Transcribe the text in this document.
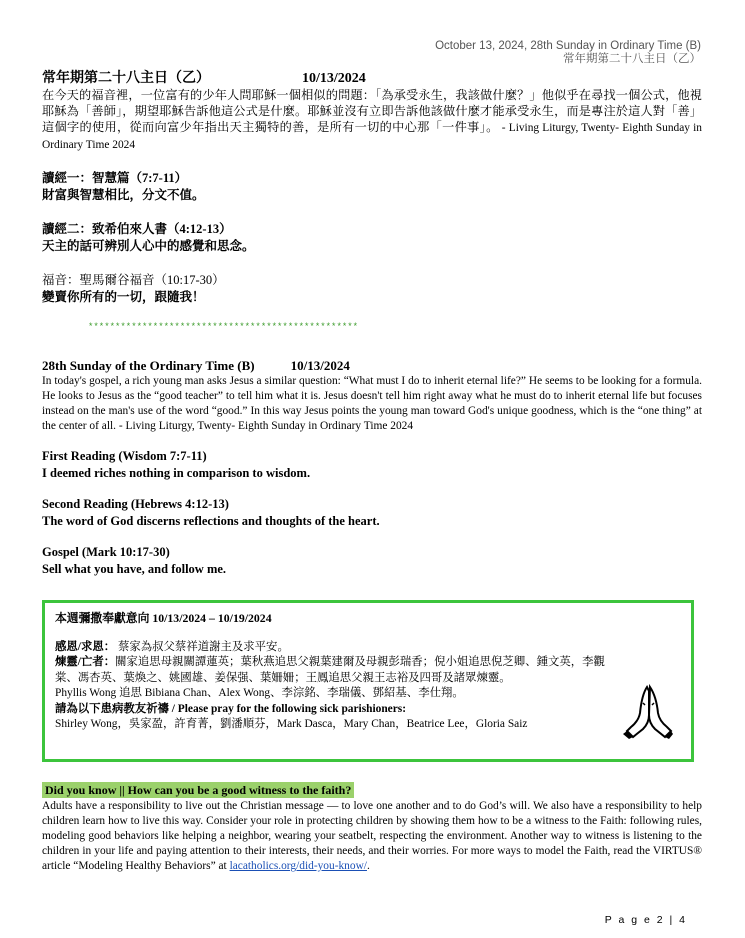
October 13, 2024, 28th Sunday in Ordinary Time (B)
常年期第二十八主日（乙）
常年期第二十八主日（乙）	10/13/2024
在今天的福音裡，一位富有的少年人問耶穌一個相似的問題：「為承受永生，我該做什麼？」他似乎在尋找一個公式，他視耶穌為「善師」，期望耶穌告訴他這公式是什麼。耶穌並沒有立即告訴他該做什麼才能承受永生，而是專注於這人對「善」這個字的使用，從而向富少年指出天主獨特的善，是所有一切的中心那「一件事」。 - Living Liturgy, Twenty- Eighth Sunday in Ordinary Time 2024
讀經一：智慧篇（7:7-11）
財富與智慧相比，分文不值。
讀經二：致希伯來人書（4:12-13）
天主的話可辨別人心中的感覺和思念。
福音：聖馬爾谷福音（10:17-30）
變賣你所有的一切，跟隨我！
**************************************************
28th Sunday of the Ordinary Time (B)	10/13/2024
In today's gospel, a rich young man asks Jesus a similar question: “What must I do to inherit eternal life?” He seems to be looking for a formula. He looks to Jesus as the “good teacher” to tell him what it is. Jesus doesn't tell him right away what he must do to inherit eternal life but focuses instead on the man's use of the word “good.” In this way Jesus points the young man toward God's unique goodness, which is the “one thing” at the center of all. - Living Liturgy, Twenty- Eighth Sunday in Ordinary Time 2024
First Reading (Wisdom 7:7-11)
I deemed riches nothing in comparison to wisdom.
Second Reading (Hebrews 4:12-13)
The word of God discerns reflections and thoughts of the heart.
Gospel (Mark 10:17-30)
Sell what you have, and follow me.
本週彌撒奉獻意向 10/13/2024 – 10/19/2024
感恩/求恩： 蔡家為叔父蔡祥道謝主及求平安。
煉靈/亡者：關家追思母親關譚蓮英；葉秋燕追思父親葉建爾及母親彭瑞香；倪小姐追思倪芝卿、鍾文英，李觀棠、馮杏英、葉煥之、姚國雄、姜保强、葉姍姍；王鳳追思父親王志裕及四哥及諸眾煉靈。
Phyllis Wong 追思 Bibiana Chan、Alex Wong、李淙銘、李瑞儀、鄧紹基、李仕翔。
請為以下患病教友祈禱 / Please pray for the following sick parishioners:
Shirley Wong，吳家盈，許育菁，劉潘順芬，Mark Dasca，Mary Chan，Beatrice Lee，Gloria Saiz
Did you know || How can you be a good witness to the faith?
Adults have a responsibility to live out the Christian message — to love one another and to do God’s will. We also have a responsibility to help children learn how to live this way. Consider your role in protecting children by showing them how to be a witness to the Faith: following rules, modeling good behaviors like helping a neighbor, wearing your seatbelt, respecting the environment. Another way to witness is listening to the children in your life and paying attention to their interests, their needs, and their worries. For more ways to model the Faith, read the VIRTUS® article “Modeling Healthy Behaviors” at lacatholics.org/did-you-know/.
P a g e 2 | 4
